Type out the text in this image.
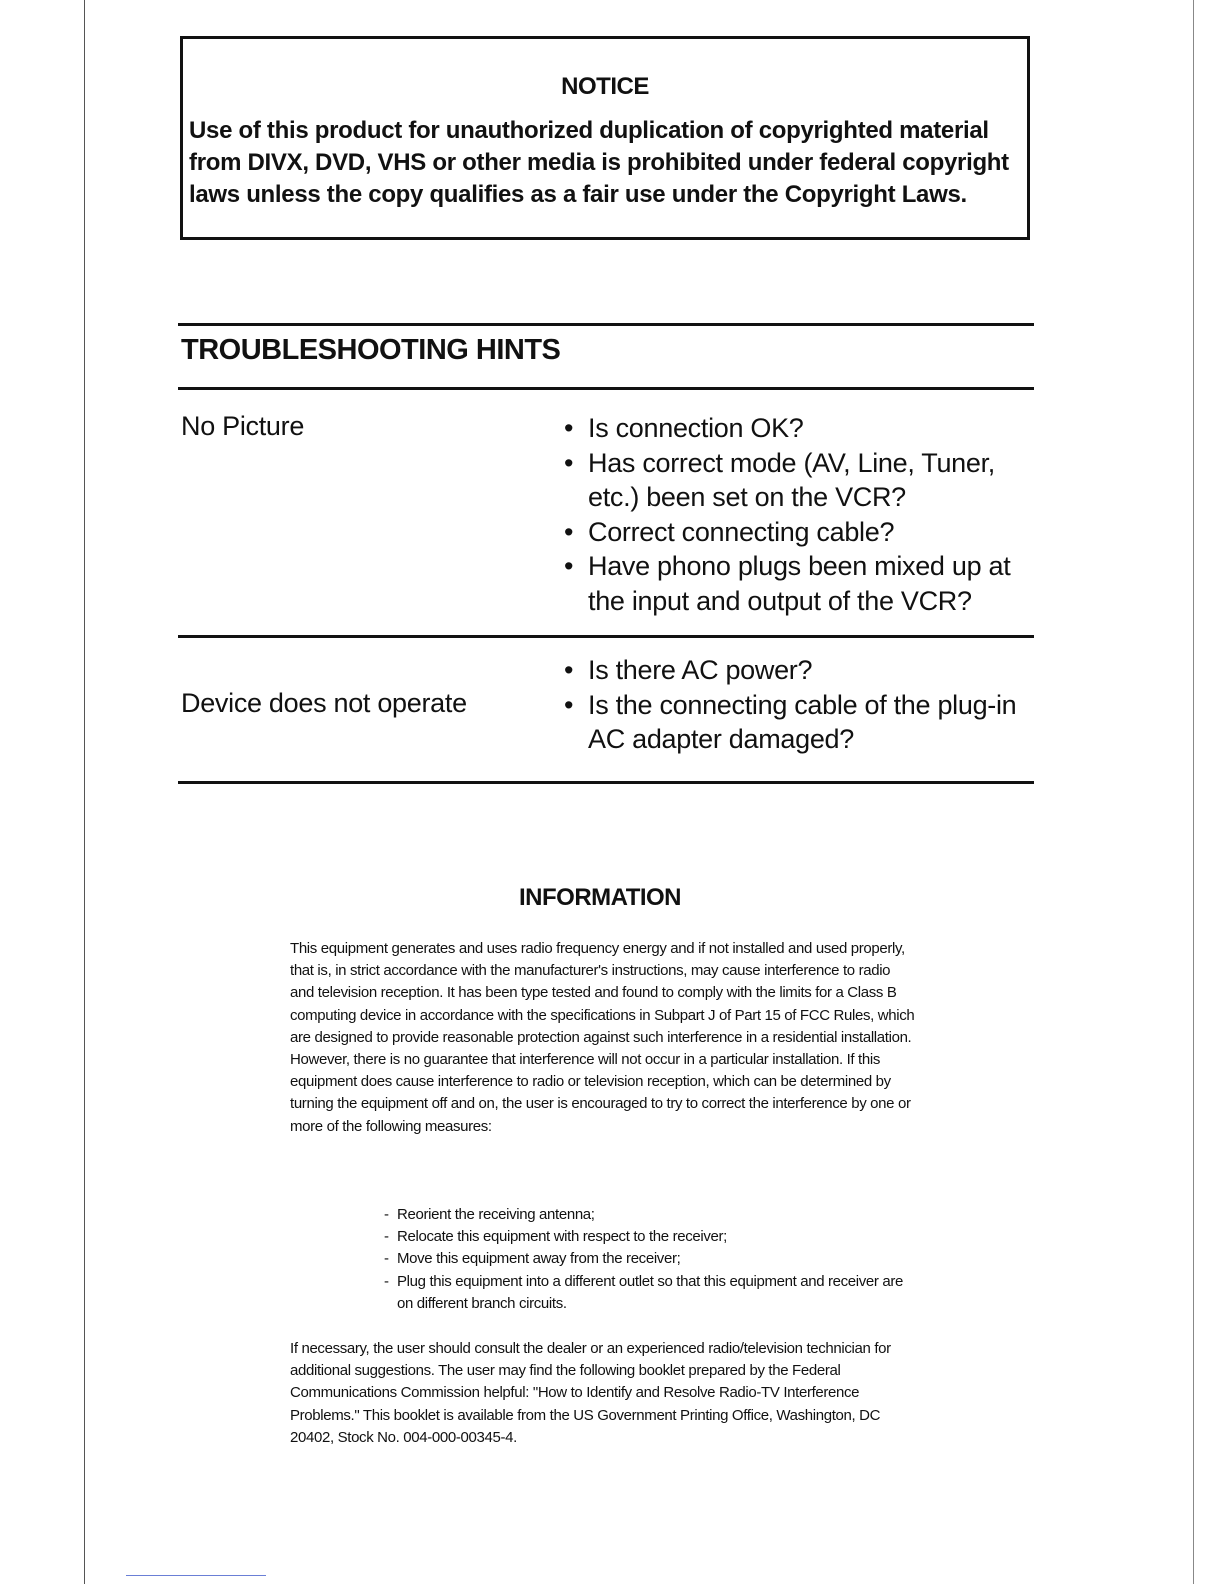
NOTICE
Use of this product for unauthorized duplication of copyrighted material from DIVX, DVD, VHS or other media is prohibited under federal copyright laws unless the copy qualifies as a fair use under the Copyright Laws.
TROUBLESHOOTING HINTS
No Picture	• Is connection OK?
• Has correct mode (AV, Line, Tuner, etc.) been set on the VCR?
• Correct connecting cable?
• Have phono plugs been mixed up at the input and output of the VCR?
Device does not operate
• Is there AC power?
• Is the connecting cable of the plug-in AC adapter damaged?
INFORMATION

This equipment generates and uses radio frequency energy and if not installed and used properly, that is, in strict accordance with the manufacturer's instructions, may cause interference to radio and television reception. It has been type tested and found to comply with the limits for a Class B computing device in accordance with the specifications in Subpart J of Part 15 of FCC Rules, which are designed to provide reasonable protection against such interference in a residential installation. However, there is no guarantee that interference will not occur in a particular installation. If this equipment does cause interference to radio or television reception, which can be determined by turning the equipment off and on, the user is encouraged to try to correct the interference by one or more of the following measures:

- Reorient the receiving antenna;
- Relocate this equipment with respect to the receiver;
- Move this equipment away from the receiver;
- Plug this equipment into a different outlet so that this equipment and receiver are on different branch circuits.

If necessary, the user should consult the dealer or an experienced radio/television technician for additional suggestions. The user may find the following booklet prepared by the Federal Communications Commission helpful: "How to Identify and Resolve Radio-TV Interference Problems." This booklet is available from the US Government Printing Office, Washington, DC 20402, Stock No. 004-000-00345-4.
